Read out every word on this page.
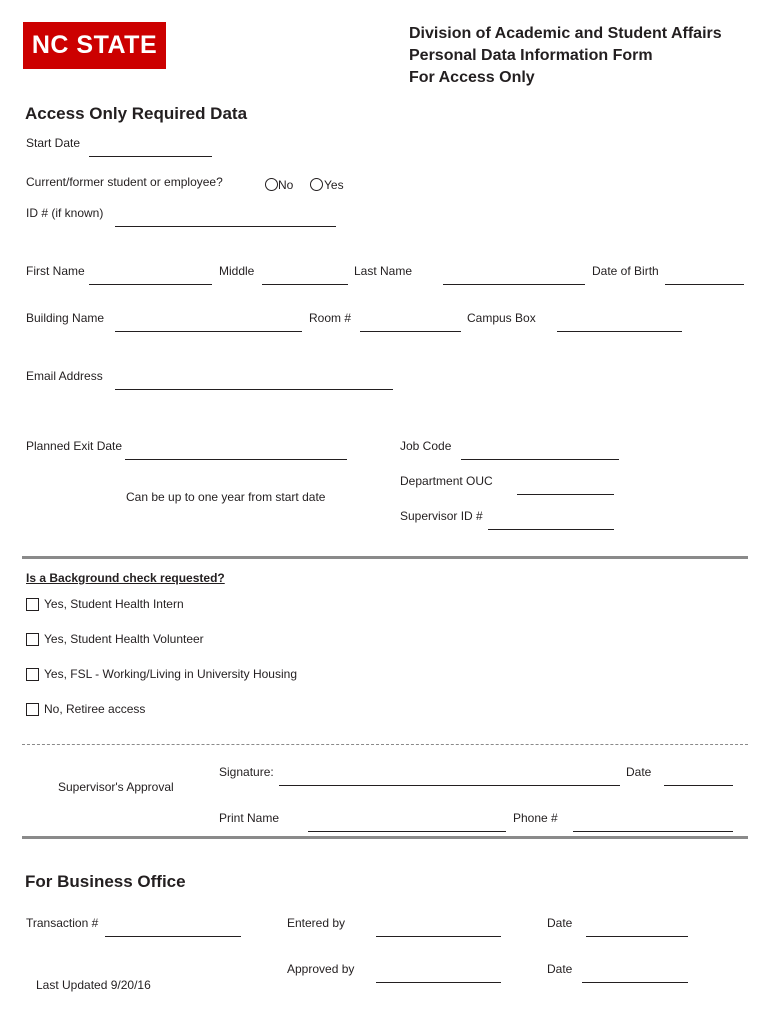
NC STATE	Division of Academic and Student Affairs
Personal Data Information Form
For Access Only
Access Only Required Data
Start Date
Current/former student or employee?	No	Yes
ID # (if known)
First Name	Middle	Last Name	Date of Birth
Building Name	Room #	Campus Box
Email Address
Planned Exit Date
Can be up to one year from start date
Job Code
Department OUC
Supervisor ID #
Is a Background check requested?
Yes, Student Health Intern
Yes, Student Health Volunteer
Yes, FSL - Working/Living in University Housing
No, Retiree access
Supervisor's Approval
Signature:	Date
Print Name	Phone #
For Business Office
Transaction #	Entered by	Date
Approved by	Date
Last Updated 9/20/16
